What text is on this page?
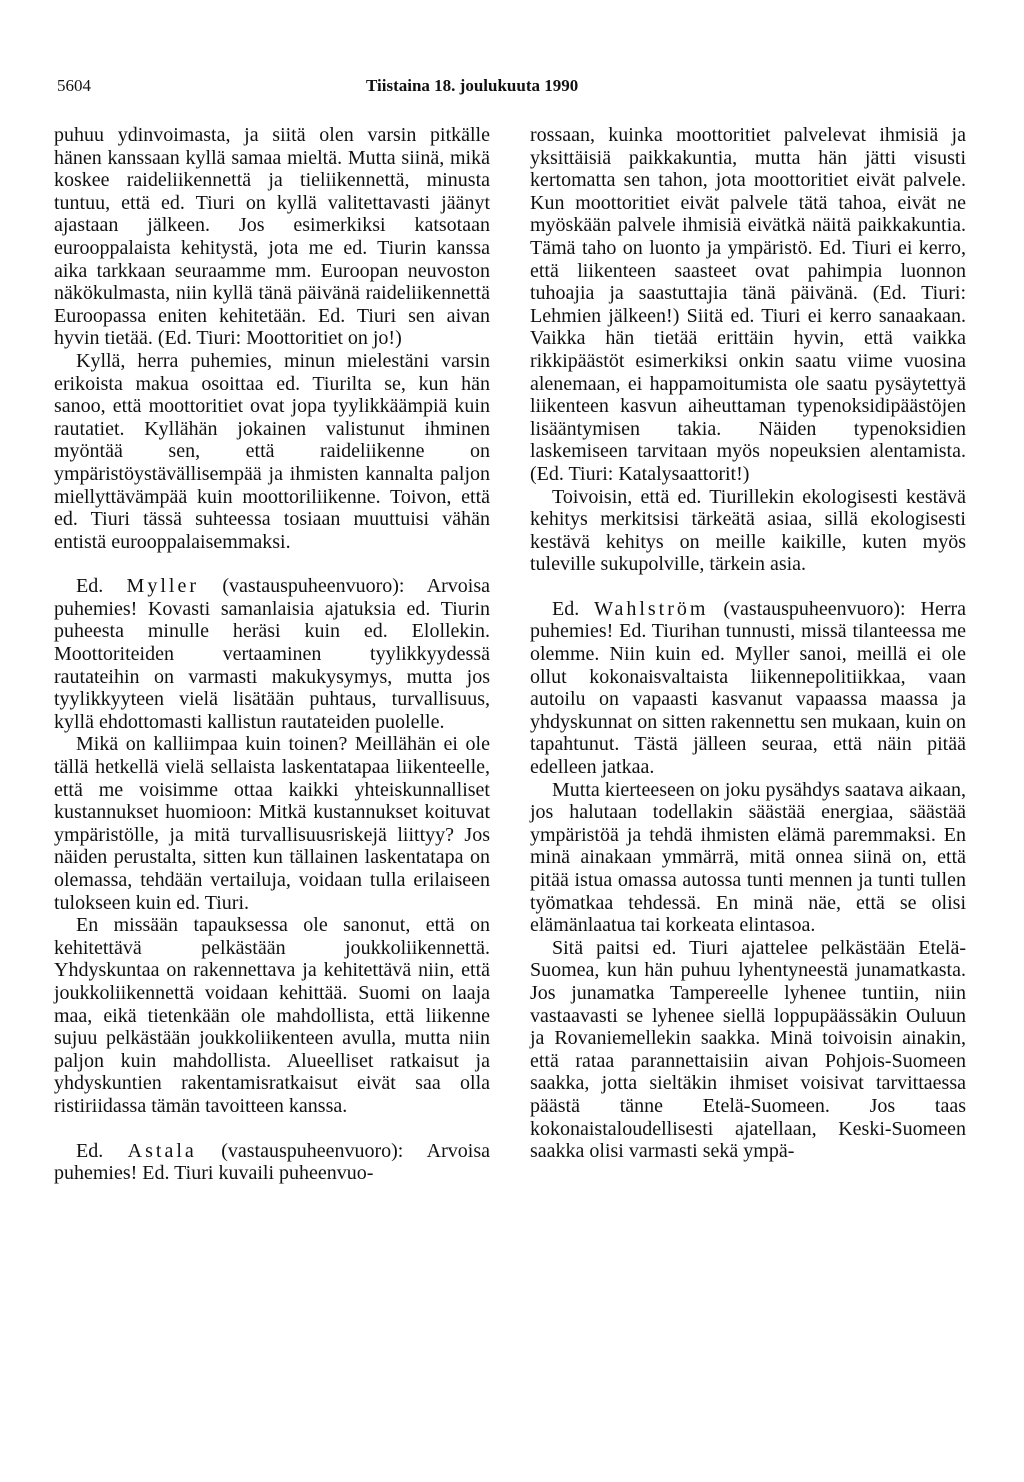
5604	Tiistaina 18. joulukuuta 1990

puhuu ydinvoimasta, ja siitä olen varsin pitkälle hänen kanssaan kyllä samaa mieltä. Mutta siinä, mikä koskee raideliikennettä ja tieliikennettä, minusta tuntuu, että ed. Tiuri on kyllä valitettavasti jäänyt ajastaan jälkeen. Jos esimerkiksi katsotaan eurooppalaista kehitystä, jota me ed. Tiurin kanssa aika tarkkaan seuraamme mm. Euroopan neuvoston näkökulmasta, niin kyllä tänä päivänä raideliikennettä Euroopassa eniten kehitetään. Ed. Tiuri sen aivan hyvin tietää. (Ed. Tiuri: Moottoritiet on jo!)

Kyllä, herra puhemies, minun mielestäni varsin erikoista makua osoittaa ed. Tiurilta se, kun hän sanoo, että moottoritiet ovat jopa tyylikkäämpiä kuin rautatiet. Kyllähän jokainen valistunut ihminen myöntää sen, että raideliikenne on ympäristöystävällisempää ja ihmisten kannalta paljon miellyttävämpää kuin moottoriliikenne. Toivon, että ed. Tiuri tässä suhteessa tosiaan muuttuisi vähän entistä eurooppalaisemmaksi.

Ed. Myller (vastauspuheenvuoro): Arvoisa puhemies! Kovasti samanlaisia ajatuksia ed. Tiurin puheesta minulle heräsi kuin ed. Elollekin. Moottoriteiden vertaaminen tyylikkyydessä rautateihin on varmasti makukysymys, mutta jos tyylikkyyteen vielä lisätään puhtaus, turvallisuus, kyllä ehdottomasti kallistun rautateiden puolelle.

Mikä on kalliimpaa kuin toinen? Meillähän ei ole tällä hetkellä vielä sellaista laskentatapaa liikenteelle, että me voisimme ottaa kaikki yhteiskunnalliset kustannukset huomioon: Mitkä kustannukset koituvat ympäristölle, ja mitä turvallisuusriskejä liittyy? Jos näiden perustalta, sitten kun tällainen laskentatapa on olemassa, tehdään vertailuja, voidaan tulla erilaiseen tulokseen kuin ed. Tiuri.

En missään tapauksessa ole sanonut, että on kehitettävä pelkästään joukkoliikennettä. Yhdyskuntaa on rakennettava ja kehitettävä niin, että joukkoliikennettä voidaan kehittää. Suomi on laaja maa, eikä tietenkään ole mahdollista, että liikenne sujuu pelkästään joukkoliikenteen avulla, mutta niin paljon kuin mahdollista. Alueelliset ratkaisut ja yhdyskuntien rakentamisratkaisut eivät saa olla ristiriidassa tämän tavoitteen kanssa.

Ed. Astala (vastauspuheenvuoro): Arvoisa puhemies! Ed. Tiuri kuvaili puheenvuo-

rossaan, kuinka moottoritiet palvelevat ihmisiä ja yksittäisiä paikkakuntia, mutta hän jätti visusti kertomatta sen tahon, jota moottoritiet eivät palvele. Kun moottoritiet eivät palvele tätä tahoa, eivät ne myöskään palvele ihmisiä eivätkä näitä paikkakuntia. Tämä taho on luonto ja ympäristö. Ed. Tiuri ei kerro, että liikenteen saasteet ovat pahimpia luonnon tuhoajia ja saastuttajia tänä päivänä. (Ed. Tiuri: Lehmien jälkeen!) Siitä ed. Tiuri ei kerro sanaakaan. Vaikka hän tietää erittäin hyvin, että vaikka rikkipäästöt esimerkiksi onkin saatu viime vuosina alenemaan, ei happamoitumista ole saatu pysäytettyä liikenteen kasvun aiheuttaman typenoksidipäästöjen lisääntymisen takia. Näiden typenoksidien laskemiseen tarvitaan myös nopeuksien alentamista. (Ed. Tiuri: Katalysaattorit!)

Toivoisin, että ed. Tiurillekin ekologisesti kestävä kehitys merkitsisi tärkeätä asiaa, sillä ekologisesti kestävä kehitys on meille kaikille, kuten myös tuleville sukupolville, tärkein asia.

Ed. Wahlström (vastauspuheenvuoro): Herra puhemies! Ed. Tiurihan tunnusti, missä tilanteessa me olemme. Niin kuin ed. Myller sanoi, meillä ei ole ollut kokonaisvaltaista liikennepolitiikkaa, vaan autoilu on vapaasti kasvanut vapaassa maassa ja yhdyskunnat on sitten rakennettu sen mukaan, kuin on tapahtunut. Tästä jälleen seuraa, että näin pitää edelleen jatkaa.

Mutta kierteeseen on joku pysähdys saatava aikaan, jos halutaan todellakin säästää energiaa, säästää ympäristöä ja tehdä ihmisten elämä paremmaksi. En minä ainakaan ymmärrä, mitä onnea siinä on, että pitää istua omassa autossa tunti mennen ja tunti tullen työmatkaa tehdessä. En minä näe, että se olisi elämänlaatua tai korkeata elintasoa.

Sitä paitsi ed. Tiuri ajattelee pelkästään Etelä-Suomea, kun hän puhuu lyhentyneestä junamatkasta. Jos junamatka Tampereelle lyhenee tuntiin, niin vastaavasti se lyhenee siellä loppupäässäkin Ouluun ja Rovaniemellekin saakka. Minä toivoisin ainakin, että rataa parannettaisiin aivan Pohjois-Suomeen saakka, jotta sieltäkin ihmiset voisivat tarvittaessa päästä tänne Etelä-Suomeen. Jos taas kokonaistaloudellisesti ajatellaan, Keski-Suomeen saakka olisi varmasti sekä ympä-
